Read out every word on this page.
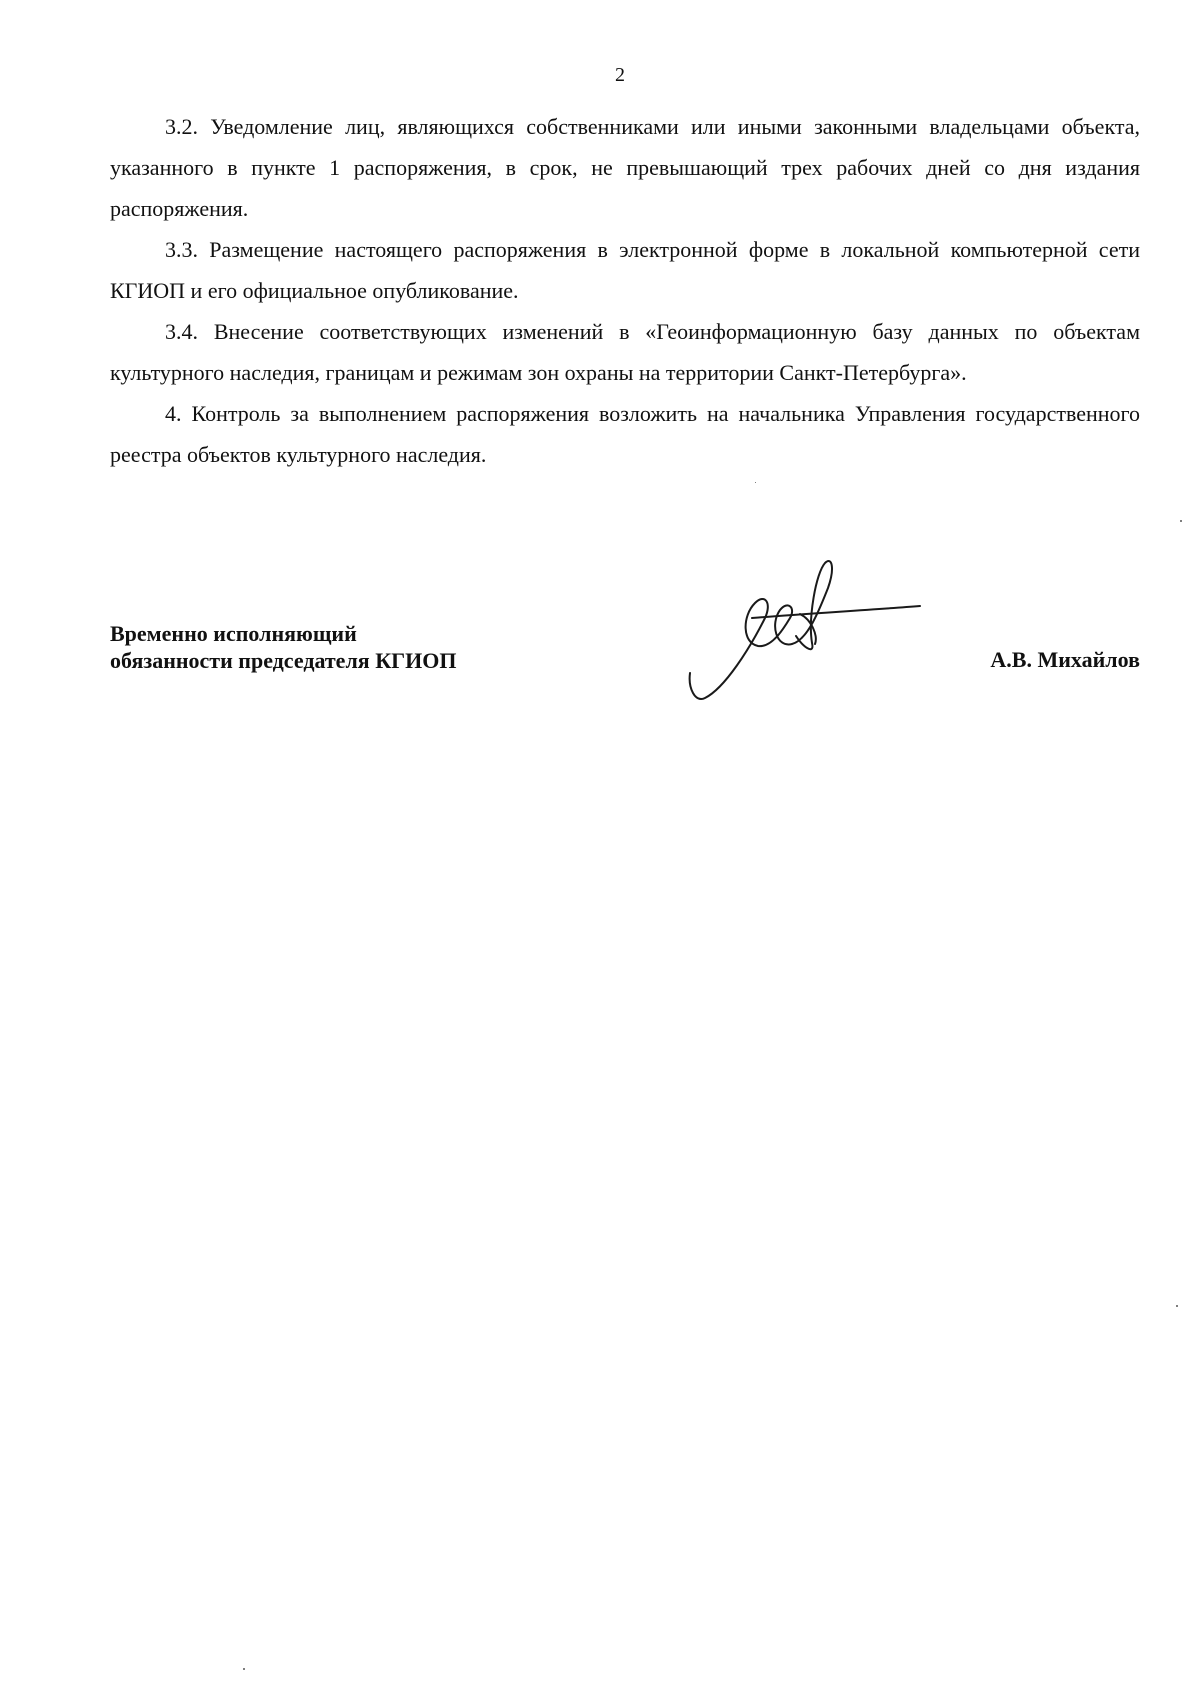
2

3.2. Уведомление лиц, являющихся собственниками или иными законными владельцами объекта, указанного в пункте 1 распоряжения, в срок, не превышающий трех рабочих дней со дня издания распоряжения.

3.3. Размещение настоящего распоряжения в электронной форме в локальной компьютерной сети КГИОП и его официальное опубликование.

3.4. Внесение соответствующих изменений в «Геоинформационную базу данных по объектам культурного наследия, границам и режимам зон охраны на территории Санкт-Петербурга».

4. Контроль за выполнением распоряжения возложить на начальника Управления государственного реестра объектов культурного наследия.

Временно исполняющий
обязанности председателя КГИОП	А.В. Михайлов
